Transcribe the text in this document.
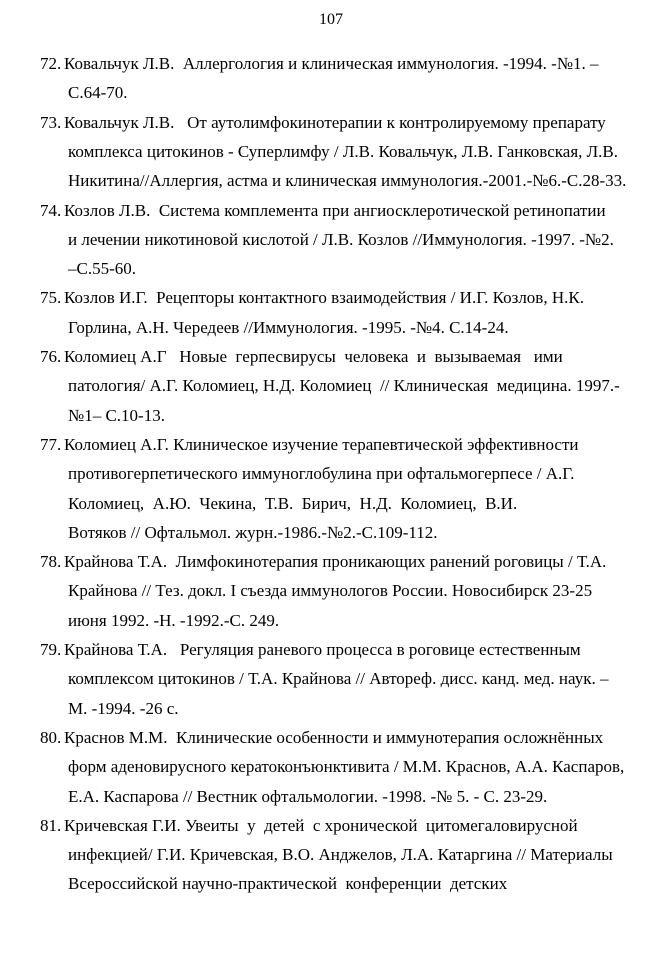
107
72. Ковальчук Л.В.  Аллергология и клиническая иммунология. -1994. -№1. –
С.64-70.
73. Ковальчук Л.В.   От аутолимфокинотерапии к контролируемому препарату
комплекса цитокинов - Суперлимфу / Л.В. Ковальчук, Л.В. Ганковская, Л.В.
Никитина//Аллергия, астма и клиническая иммунология.-2001.-№6.-С.28-33.
74. Козлов Л.В.  Система комплемента при ангиосклеротической ретинопатии
и лечении никотиновой кислотой / Л.В. Козлов //Иммунология. -1997. -№2.
–С.55-60.
75. Козлов И.Г.  Рецепторы контактного взаимодействия / И.Г. Козлов, Н.К.
Горлина, А.Н. Чередеев //Иммунология. -1995. -№4. С.14-24.
76. Коломиец А.Г   Новые  герпесвирусы  человека  и  вызываемая   ими
патология/ А.Г. Коломиец, Н.Д. Коломиец  // Клиническая  медицина. 1997.-
№1– С.10-13.
77. Коломиец А.Г. Клиническое изучение терапевтической эффективности
противогерпетического иммуноглобулина при офтальмогерпесе / А.Г.
Коломиец,  А.Ю.  Чекина,  Т.В.  Бирич,  Н.Д.  Коломиец,  В.И.
Вотяков // Офтальмол. журн.-1986.-№2.-С.109-112.
78. Крайнова Т.А.  Лимфокинотерапия проникающих ранений роговицы / Т.А.
Крайнова // Тез. докл. I съезда иммунологов России. Новосибирск 23-25
июня 1992. -Н. -1992.-С. 249.
79. Крайнова Т.А.   Регуляция раневого процесса в роговице естественным
комплексом цитокинов / Т.А. Крайнова // Автореф. дисс. канд. мед. наук. –
М. -1994. -26 с.
80. Краснов М.М.  Клинические особенности и иммунотерапия осложнённых
форм аденовирусного кератоконъюнктивита / М.М. Краснов, А.А. Каспаров,
Е.А. Каспарова // Вестник офтальмологии. -1998. -№ 5. - С. 23-29.
81. Кричевская Г.И. Увеиты  у  детей  с хронической  цитомегаловирусной
инфекцией/ Г.И. Кричевская, В.О. Анджелов, Л.А. Катаргина // Материалы
Всероссийской научно-практической  конференции  детских
